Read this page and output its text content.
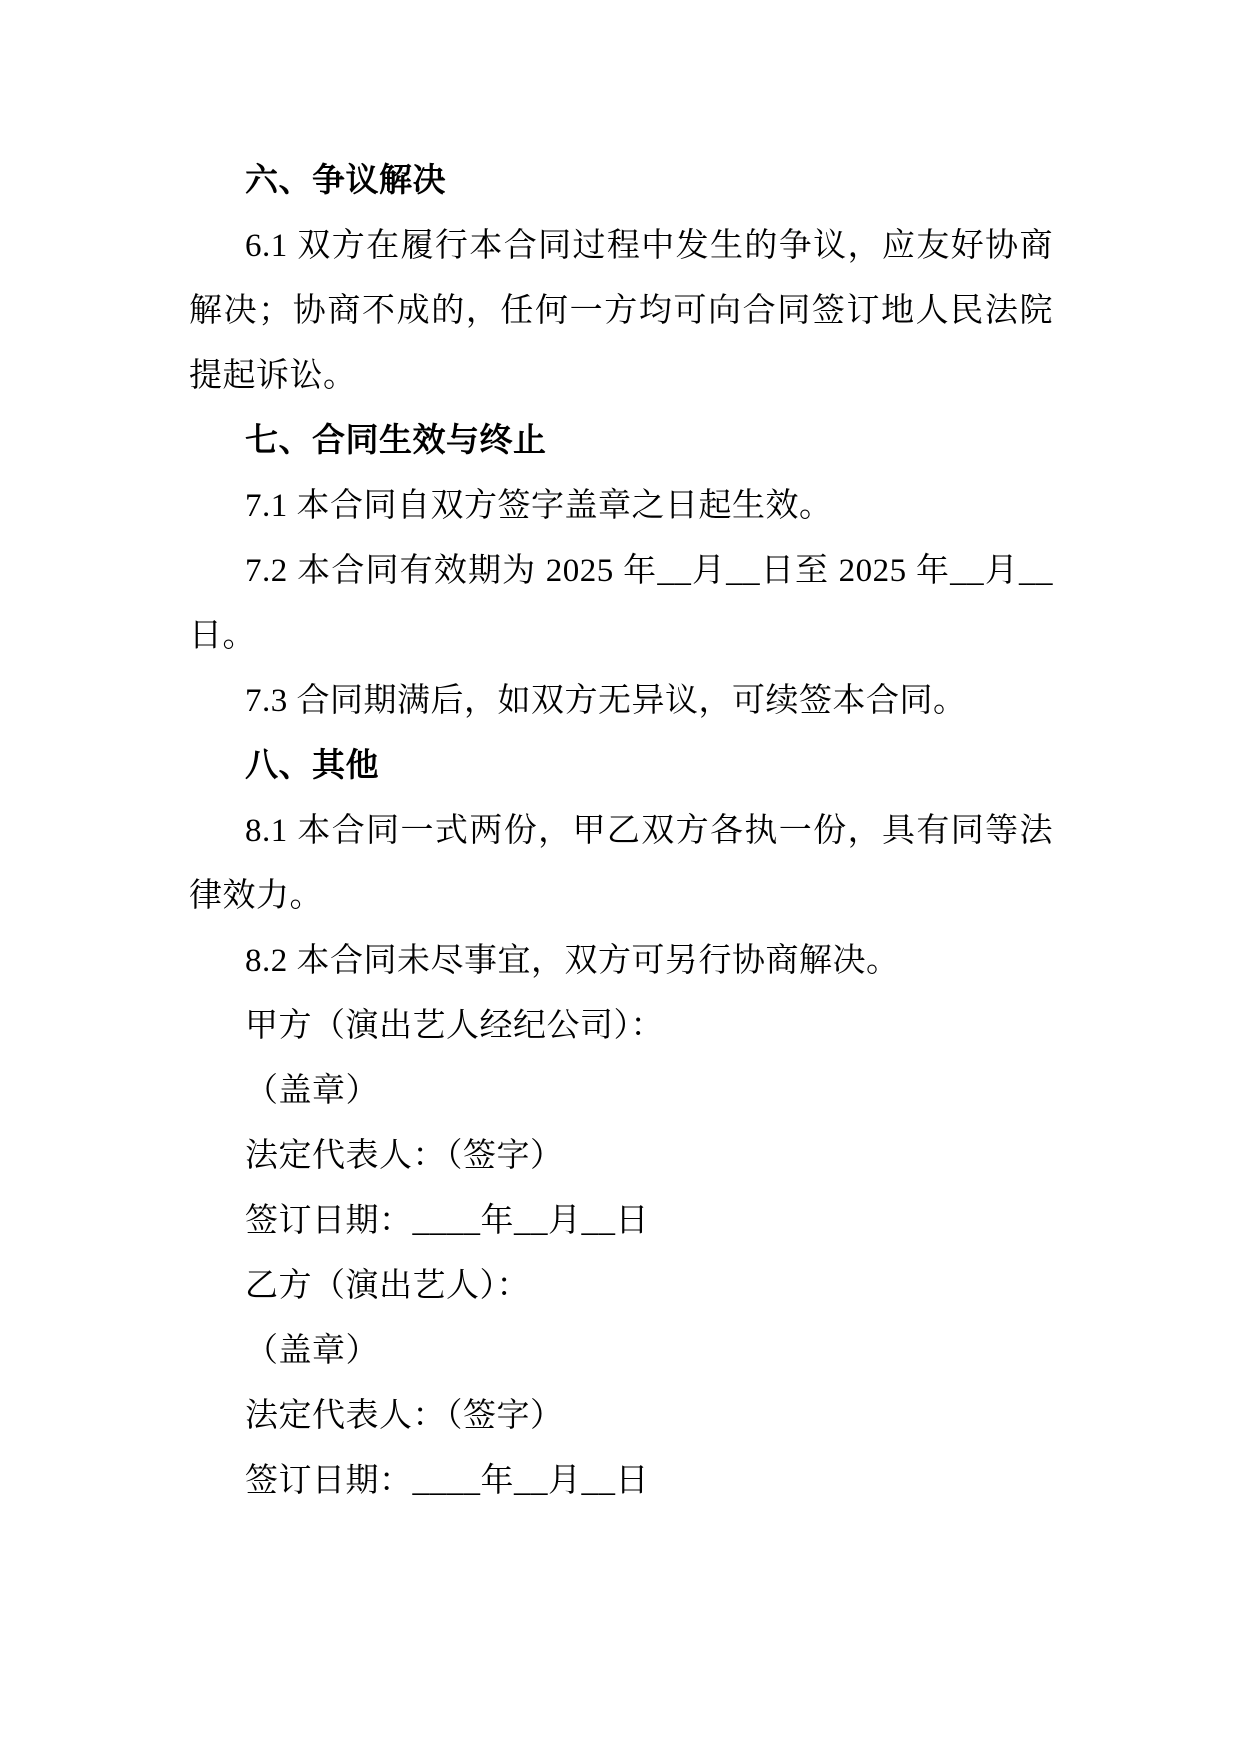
六、争议解决

6.1 双方在履行本合同过程中发生的争议，应友好协商解决；协商不成的，任何一方均可向合同签订地人民法院提起诉讼。

七、合同生效与终止

7.1 本合同自双方签字盖章之日起生效。

7.2 本合同有效期为 2025 年__月__日至 2025 年__月__日。

7.3 合同期满后，如双方无异议，可续签本合同。

八、其他

8.1 本合同一式两份，甲乙双方各执一份，具有同等法律效力。

8.2 本合同未尽事宜，双方可另行协商解决。

甲方（演出艺人经纪公司）：

（盖章）

法定代表人：（签字）

签订日期：____年__月__日

乙方（演出艺人）：

（盖章）

法定代表人：（签字）

签订日期：____年__月__日
